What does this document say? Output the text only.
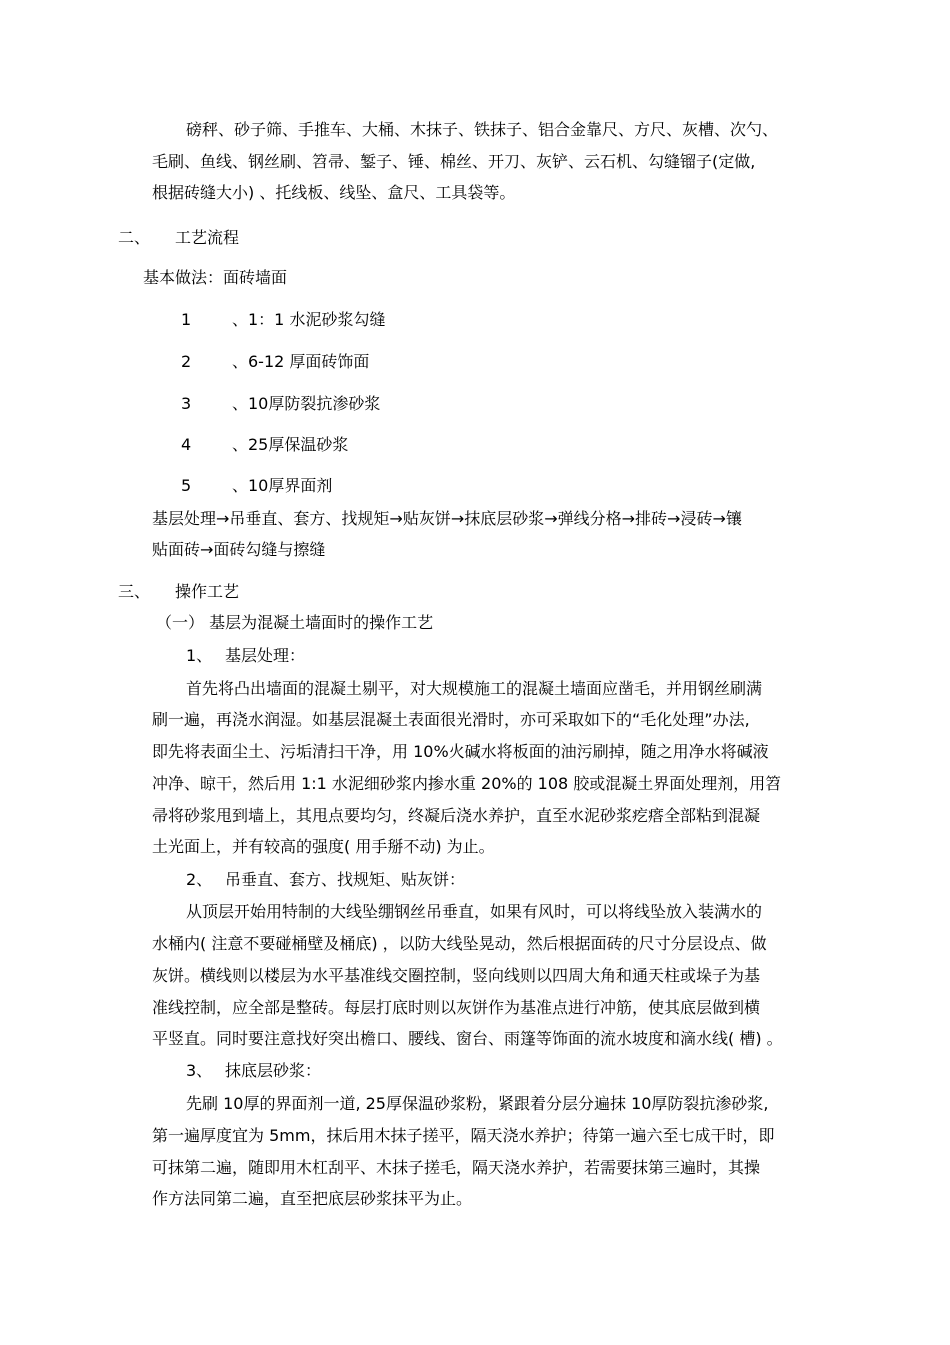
磅秤、砂子筛、手推车、大桶、木抹子、铁抹子、铝合金靠尺、方尺、灰槽、次勺、
毛刷、鱼线、钢丝刷、笤帚、錾子、锤、棉丝、开刀、灰铲、云石机、勾缝镏子(定做,
根据砖缝大小) 、托线板、线坠、盒尺、工具袋等。
二、 工艺流程
基本做法：面砖墙面
1	、1：1 水泥砂浆勾缝
2	、6-12 厚面砖饰面
3	、10厚防裂抗渗砂浆
4	、25厚保温砂浆
5	、10厚界面剂
基层处理→吊垂直、套方、找规矩→贴灰饼→抹底层砂浆→弹线分格→排砖→浸砖→镶
贴面砖→面砖勾缝与擦缝
三、 操作工艺
（一） 基层为混凝土墙面时的操作工艺
1、 基层处理：
首先将凸出墙面的混凝土剔平，对大规模施工的混凝土墙面应凿毛，并用钢丝刷满
刷一遍，再浇水润湿。如基层混凝土表面很光滑时，亦可采取如下的“毛化处理”办法,
即先将表面尘土、污垢清扫干净，用 10%火碱水将板面的油污刷掉，随之用净水将碱液
冲净、晾干，然后用 1:1 水泥细砂浆内掺水重 20%的 108 胶或混凝土界面处理剂，用笤
帚将砂浆甩到墙上，其甩点要均匀，终凝后浇水养护，直至水泥砂浆疙瘩全部粘到混凝
土光面上，并有较高的强度( 用手掰不动) 为止。
2、 吊垂直、套方、找规矩、贴灰饼：
从顶层开始用特制的大线坠绷钢丝吊垂直，如果有风时，可以将线坠放入装满水的
水桶内( 注意不要碰桶壁及桶底) ，以防大线坠晃动，然后根据面砖的尺寸分层设点、做
灰饼。横线则以楼层为水平基准线交圈控制，竖向线则以四周大角和通天柱或垛子为基
准线控制，应全部是整砖。每层打底时则以灰饼作为基准点进行冲筋，使其底层做到横
平竖直。同时要注意找好突出檐口、腰线、窗台、雨篷等饰面的流水坡度和滴水线( 槽) 。
3、 抹底层砂浆：
先刷 10厚的界面剂一道, 25厚保温砂浆粉，紧跟着分层分遍抹 10厚防裂抗渗砂浆,
第一遍厚度宜为 5mm，抹后用木抹子搓平，隔天浇水养护；待第一遍六至七成干时，即
可抹第二遍，随即用木杠刮平、木抹子搓毛，隔天浇水养护，若需要抹第三遍时，其操
作方法同第二遍，直至把底层砂浆抹平为止。
